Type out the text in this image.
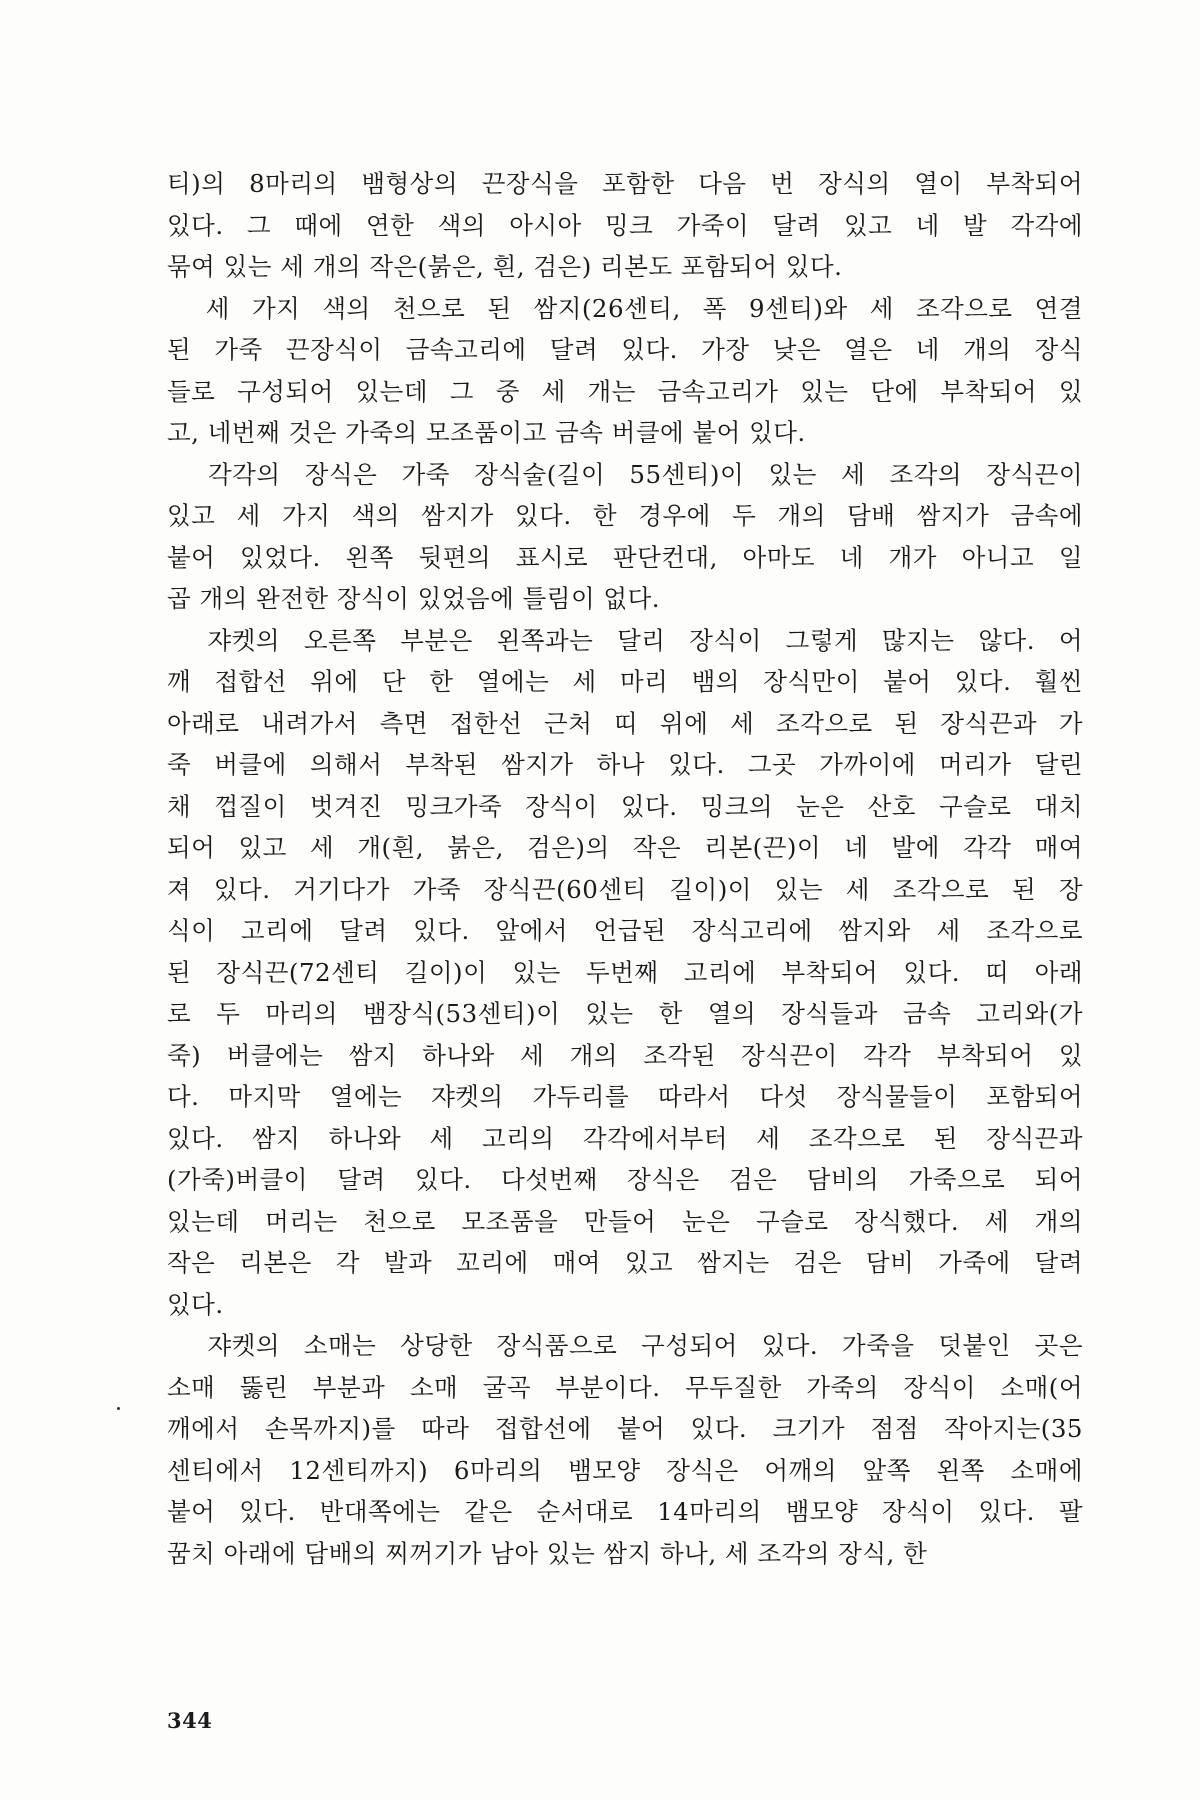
티)의 8마리의 뱀형상의 끈장식을 포함한 다음 번 장식의 열이 부착되어
있다. 그 때에 연한 색의 아시아 밍크 가죽이 달려 있고 네 발 각각에
묶여 있는 세 개의 작은(붉은, 흰, 검은) 리본도 포함되어 있다.
　세 가지 색의 천으로 된 쌈지(26센티, 폭 9센티)와 세 조각으로 연결
된 가죽 끈장식이 금속고리에 달려 있다. 가장 낮은 열은 네 개의 장식
들로 구성되어 있는데 그 중 세 개는 금속고리가 있는 단에 부착되어 있
고, 네번째 것은 가죽의 모조품이고 금속 버클에 붙어 있다.
　각각의 장식은 가죽 장식술(길이 55센티)이 있는 세 조각의 장식끈이
있고 세 가지 색의 쌈지가 있다. 한 경우에 두 개의 담배 쌈지가 금속에
붙어 있었다. 왼쪽 뒷편의 표시로 판단컨대, 아마도 네 개가 아니고 일
곱 개의 완전한 장식이 있었음에 틀림이 없다.
　쟈켓의 오른쪽 부분은 왼쪽과는 달리 장식이 그렇게 많지는 않다. 어
깨 접합선 위에 단 한 열에는 세 마리 뱀의 장식만이 붙어 있다. 훨씬
아래로 내려가서 측면 접한선 근처 띠 위에 세 조각으로 된 장식끈과 가
죽 버클에 의해서 부착된 쌈지가 하나 있다. 그곳 가까이에 머리가 달린
채 껍질이 벗겨진 밍크가죽 장식이 있다. 밍크의 눈은 산호 구슬로 대치
되어 있고 세 개(흰, 붉은, 검은)의 작은 리본(끈)이 네 발에 각각 매여
져 있다. 거기다가 가죽 장식끈(60센티 길이)이 있는 세 조각으로 된 장
식이 고리에 달려 있다. 앞에서 언급된 장식고리에 쌈지와 세 조각으로
된 장식끈(72센티 길이)이 있는 두번째 고리에 부착되어 있다. 띠 아래
로 두 마리의 뱀장식(53센티)이 있는 한 열의 장식들과 금속 고리와(가
죽) 버클에는 쌈지 하나와 세 개의 조각된 장식끈이 각각 부착되어 있
다. 마지막 열에는 쟈켓의 가두리를 따라서 다섯 장식물들이 포함되어
있다. 쌈지 하나와 세 고리의 각각에서부터 세 조각으로 된 장식끈과
(가죽)버클이 달려 있다. 다섯번째 장식은 검은 담비의 가죽으로 되어
있는데 머리는 천으로 모조품을 만들어 눈은 구슬로 장식했다. 세 개의
작은 리본은 각 발과 꼬리에 매여 있고 쌈지는 검은 담비 가죽에 달려
있다.
　쟈켓의 소매는 상당한 장식품으로 구성되어 있다. 가죽을 덧붙인 곳은
소매 뚫린 부분과 소매 굴곡 부분이다. 무두질한 가죽의 장식이 소매(어
깨에서 손목까지)를 따라 접합선에 붙어 있다. 크기가 점점 작아지는(35
센티에서 12센티까지) 6마리의 뱀모양 장식은 어깨의 앞쪽 왼쪽 소매에
붙어 있다. 반대쪽에는 같은 순서대로 14마리의 뱀모양 장식이 있다. 팔
꿈치 아래에 담배의 찌꺼기가 남아 있는 쌈지 하나, 세 조각의 장식, 한
344
